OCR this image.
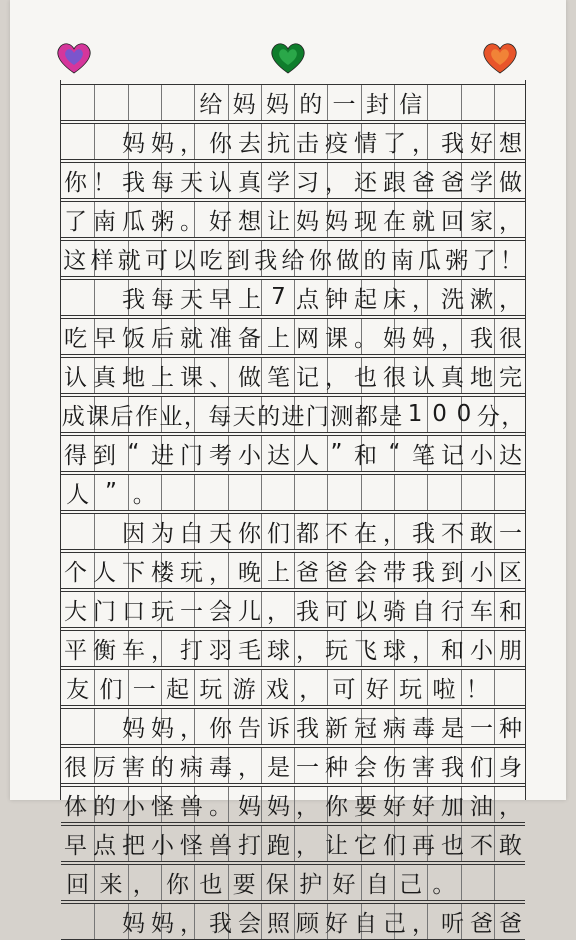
给 妈 妈 的 一 封 信

妈 妈 ， 你 去 抗 击 疫 情 了 ， 我 好 想
你 ！ 我 每 天 认 真 学 习 ， 还 跟 爸 爸 学 做
了 南 瓜 粥 。 好 想 让 妈 妈 现 在 就 回 家 ，
这 样 就 可 以 吃 到 我 给 你 做 的 南 瓜 粥 了 ！

我 每 天 早 上 7 点 钟 起 床 ， 洗 漱 ，
吃 早 饭 后 就 准 备 上 网 课 。 妈 妈 ， 我 很
认 真 地 上 课 、 做 笔 记 ， 也 很 认 真 地 完
成 课 后 作 业 ， 每 天 的 进 门 测 都 是 1 0 0 分 ，
得 到 “ 进 门 考 小 达 人 ” 和 “ 笔 记 小 达
人 ” 。

因 为 白 天 你 们 都 不 在 ， 我 不 敢 一
个 人 下 楼 玩 ， 晚 上 爸 爸 会 带 我 到 小 区
大 门 口 玩 一 会 儿 ， 我 可 以 骑 自 行 车 和
平 衡 车 ， 打 羽 毛 球 ， 玩 飞 球 ， 和 小 朋
友 们 一 起 玩 游 戏 ， 可 好 玩 啦 ！

妈 妈 ， 你 告 诉 我 新 冠 病 毒 是 一 种
很 厉 害 的 病 毒 ， 是 一 种 会 伤 害 我 们 身
体 的 小 怪 兽 。 妈 妈 ， 你 要 好 好 加 油 ，
早 点 把 小 怪 兽 打 跑 ， 让 它 们 再 也 不 敢
回 来 ， 你 也 要 保 护 好 自 己 。

妈 妈 ， 我 会 照 顾 好 自 己 ， 听 爸 爸
